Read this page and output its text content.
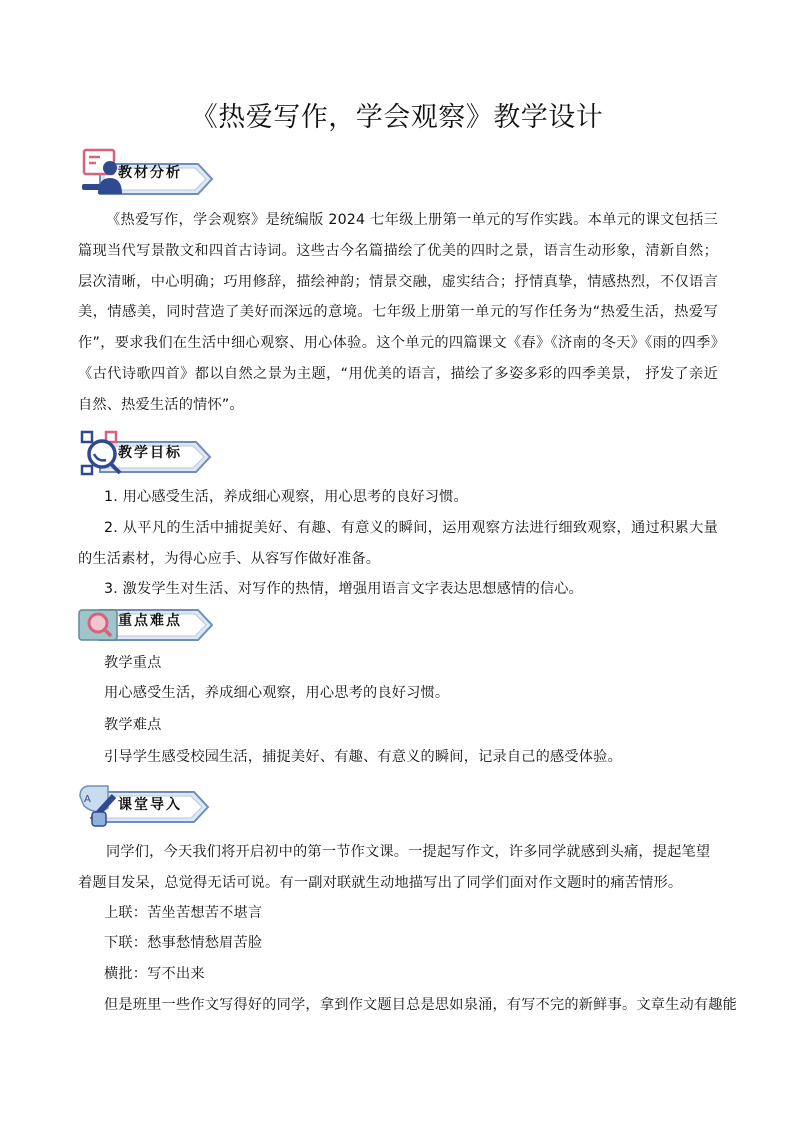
《热爱写作，学会观察》教学设计
教材分析
《热爱写作，学会观察》是统编版 2024 七年级上册第一单元的写作实践。本单元的课文包括三篇现当代写景散文和四首古诗词。这些古今名篇描绘了优美的四时之景，语言生动形象，清新自然；层次清晰，中心明确；巧用修辞，描绘神韵；情景交融，虚实结合；抒情真挚，情感热烈，不仅语言美，情感美，同时营造了美好而深远的意境。七年级上册第一单元的写作任务为“热爱生活，热爱写作”，要求我们在生活中细心观察、用心体验。这个单元的四篇课文《春》《济南的冬天》《雨的四季》《古代诗歌四首》都以自然之景为主题，“用优美的语言，描绘了多姿多彩的四季美景， 抒发了亲近自然、热爱生活的情怀”。
教学目标
1. 用心感受生活，养成细心观察，用心思考的良好习惯。
2. 从平凡的生活中捕捉美好、有趣、有意义的瞬间，运用观察方法进行细致观察，通过积累大量的生活素材，为得心应手、从容写作做好准备。
3. 激发学生对生活、对写作的热情，增强用语言文字表达思想感情的信心。
重点难点
教学重点
用心感受生活，养成细心观察，用心思考的良好习惯。
教学难点
引导学生感受校园生活，捕捉美好、有趣、有意义的瞬间，记录自己的感受体验。
A 课堂导入
同学们，今天我们将开启初中的第一节作文课。一提起写作文，许多同学就感到头痛，提起笔望着题目发呆，总觉得无话可说。有一副对联就生动地描写出了同学们面对作文题时的痛苦情形。
上联：苦坐苦想苦不堪言
下联：愁事愁情愁眉苦脸
横批：写不出来
但是班里一些作文写得好的同学，拿到作文题目总是思如泉涌，有写不完的新鲜事。文章生动有趣能
